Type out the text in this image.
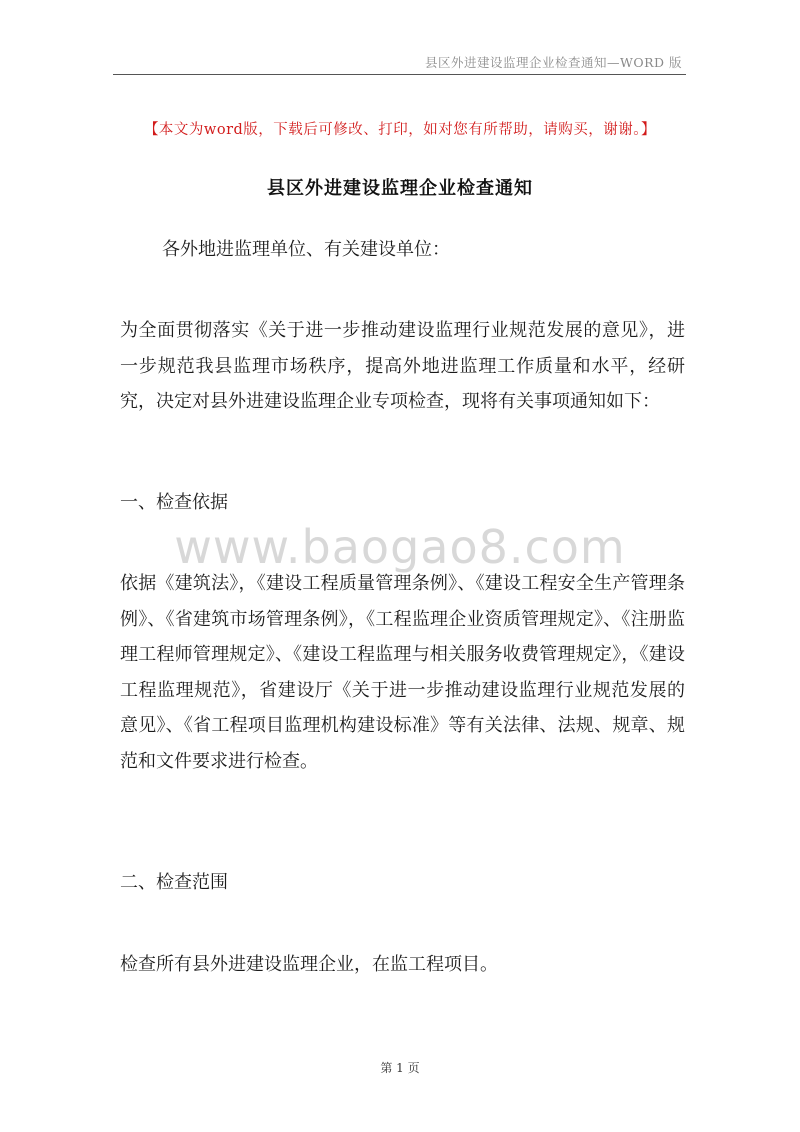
县区外进建设监理企业检查通知—WORD 版
【本文为word版，下载后可修改、打印，如对您有所帮助，请购买，谢谢。】
县区外进建设监理企业检查通知
各外地进监理单位、有关建设单位：
为全面贯彻落实《关于进一步推动建设监理行业规范发展的意见》，进一步规范我县监理市场秩序，提高外地进监理工作质量和水平，经研究，决定对县外进建设监理企业专项检查，现将有关事项通知如下：
一、检查依据
www.baogao8.com
依据《建筑法》，《建设工程质量管理条例》、《建设工程安全生产管理条例》、《省建筑市场管理条例》，《工程监理企业资质管理规定》、《注册监理工程师管理规定》、《建设工程监理与相关服务收费管理规定》，《建设工程监理规范》，省建设厅《关于进一步推动建设监理行业规范发展的意见》、《省工程项目监理机构建设标准》等有关法律、法规、规章、规范和文件要求进行检查。
二、检查范围
检查所有县外进建设监理企业，在监工程项目。
第 1 页
